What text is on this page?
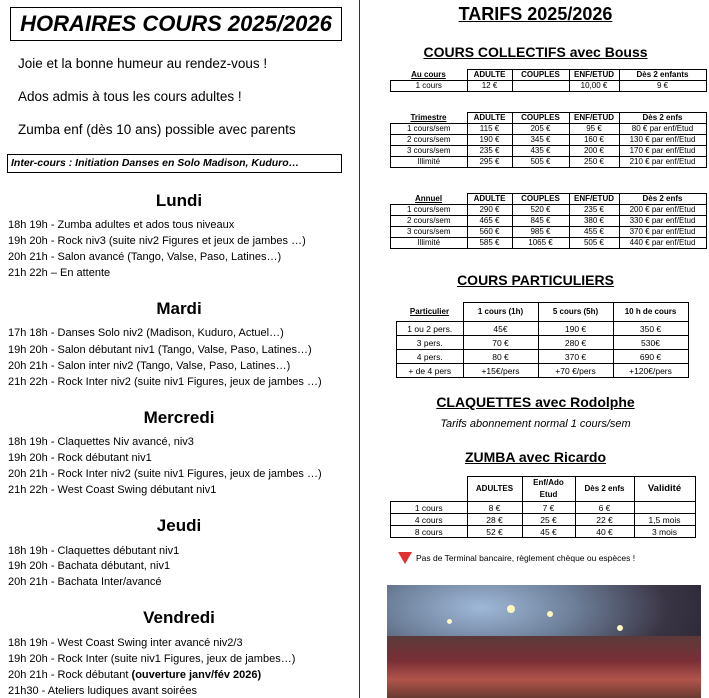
HORAIRES COURS 2025/2026
Joie et la bonne humeur au rendez-vous !
Ados admis à tous les cours adultes !
Zumba enf (dès 10 ans) possible avec parents
Inter-cours : Initiation Danses en Solo Madison, Kuduro…
Lundi
18h 19h - Zumba adultes et ados tous niveaux
19h 20h - Rock niv3 (suite niv2 Figures et jeux de jambes …)
20h 21h - Salon avancé (Tango, Valse, Paso, Latines…)
21h 22h – En attente
Mardi
17h 18h - Danses Solo niv2 (Madison, Kuduro, Actuel…)
19h 20h - Salon débutant niv1 (Tango, Valse, Paso, Latines…)
20h 21h - Salon inter niv2 (Tango, Valse, Paso, Latines…)
21h 22h - Rock Inter niv2 (suite niv1 Figures, jeux de jambes …)
Mercredi
18h 19h - Claquettes Niv avancé, niv3
19h 20h - Rock débutant niv1
20h 21h - Rock Inter niv2 (suite niv1 Figures, jeux de jambes …)
21h 22h - West Coast Swing débutant niv1
Jeudi
18h 19h - Claquettes débutant niv1
19h 20h - Bachata débutant, niv1
20h 21h - Bachata Inter/avancé
Vendredi
18h 19h - West Coast Swing inter avancé niv2/3
19h 20h - Rock Inter (suite niv1 Figures, jeux de jambes…)
20h 21h - Rock débutant (ouverture janv/fév 2026)
21h30 - Ateliers ludiques avant soirées
TARIFS 2025/2026
COURS COLLECTIFS avec Bouss
Au cours	ADULTE	COUPLES	ENF/ETUD	Dès 2 enfants
1 cours	12 €		10,00 €	9 €
Trimestre	ADULTE	COUPLES	ENF/ETUD	Dès 2 enfs
1 cours/sem	115 €	205 €	95 €	80 € par enf/Etud
2 cours/sem	190 €	345 €	160 €	130 € par enf/Etud
3 cours/sem	235 €	435 €	200 €	170 € par enf/Etud
Illimité	295 €	505 €	250 €	210 € par enf/Etud
Annuel	ADULTE	COUPLES	ENF/ETUD	Dès 2 enfs
1 cours/sem	290 €	520 €	235 €	200 € par enf/Etud
2 cours/sem	465 €	845 €	380 €	330 € par enf/Etud
3 cours/sem	560 €	985 €	455 €	370 € par enf/Etud
Illimité	585 €	1065 €	505 €	440 € par enf/Etud
COURS PARTICULIERS
Particulier	1 cours (1h)	5 cours (5h)	10 h de cours
1 ou 2 pers.	45€	190 €	350 €
3 pers.	70 €	280 €	530€
4 pers.	80 €	370 €	690 €
+ de 4 pers	+15€/pers	+70 €/pers	+120€/pers
CLAQUETTES avec Rodolphe
Tarifs abonnement normal 1 cours/sem
ZUMBA avec Ricardo
	ADULTES	Enf/Ado Etud	Dès 2 enfs	Validité
1 cours	8 €	7 €	6 €	
4 cours	28 €	25 €	22 €	1,5 mois
8 cours	52 €	45 €	40 €	3 mois
Pas de Terminal bancaire, règlement chèque ou espèces !
